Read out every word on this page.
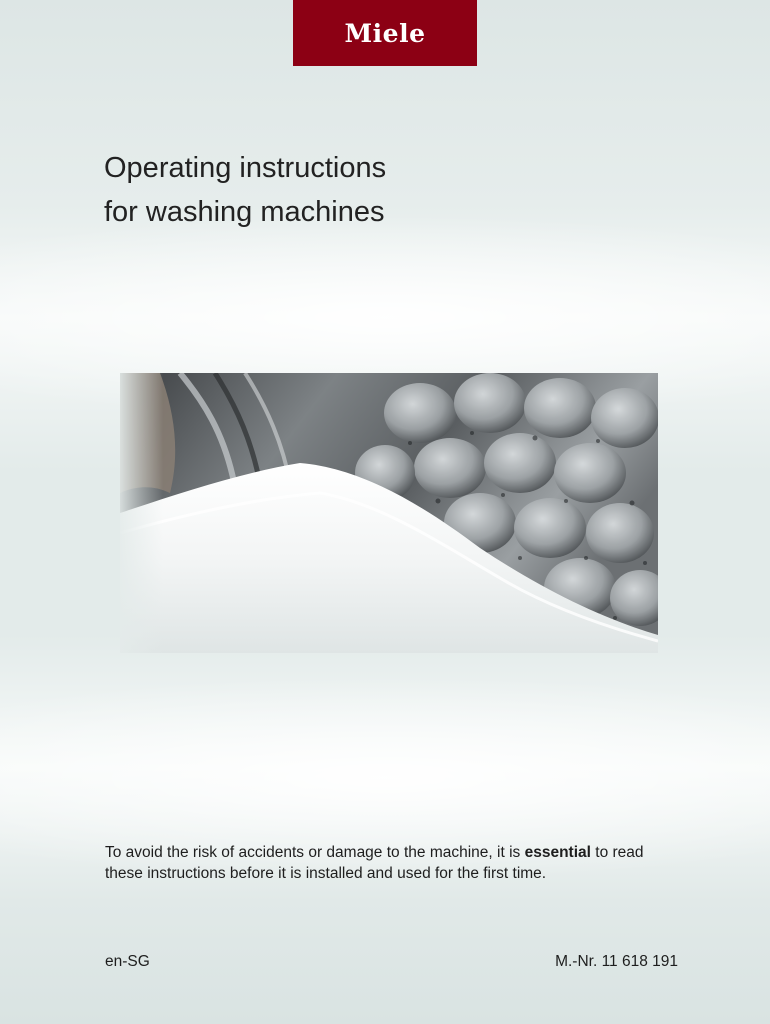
Miele
Operating instructions
for washing machines

To avoid the risk of accidents or damage to the machine, it is essential to read these instructions before it is installed and used for the first time.

en-SG	M.-Nr. 11 618 191
